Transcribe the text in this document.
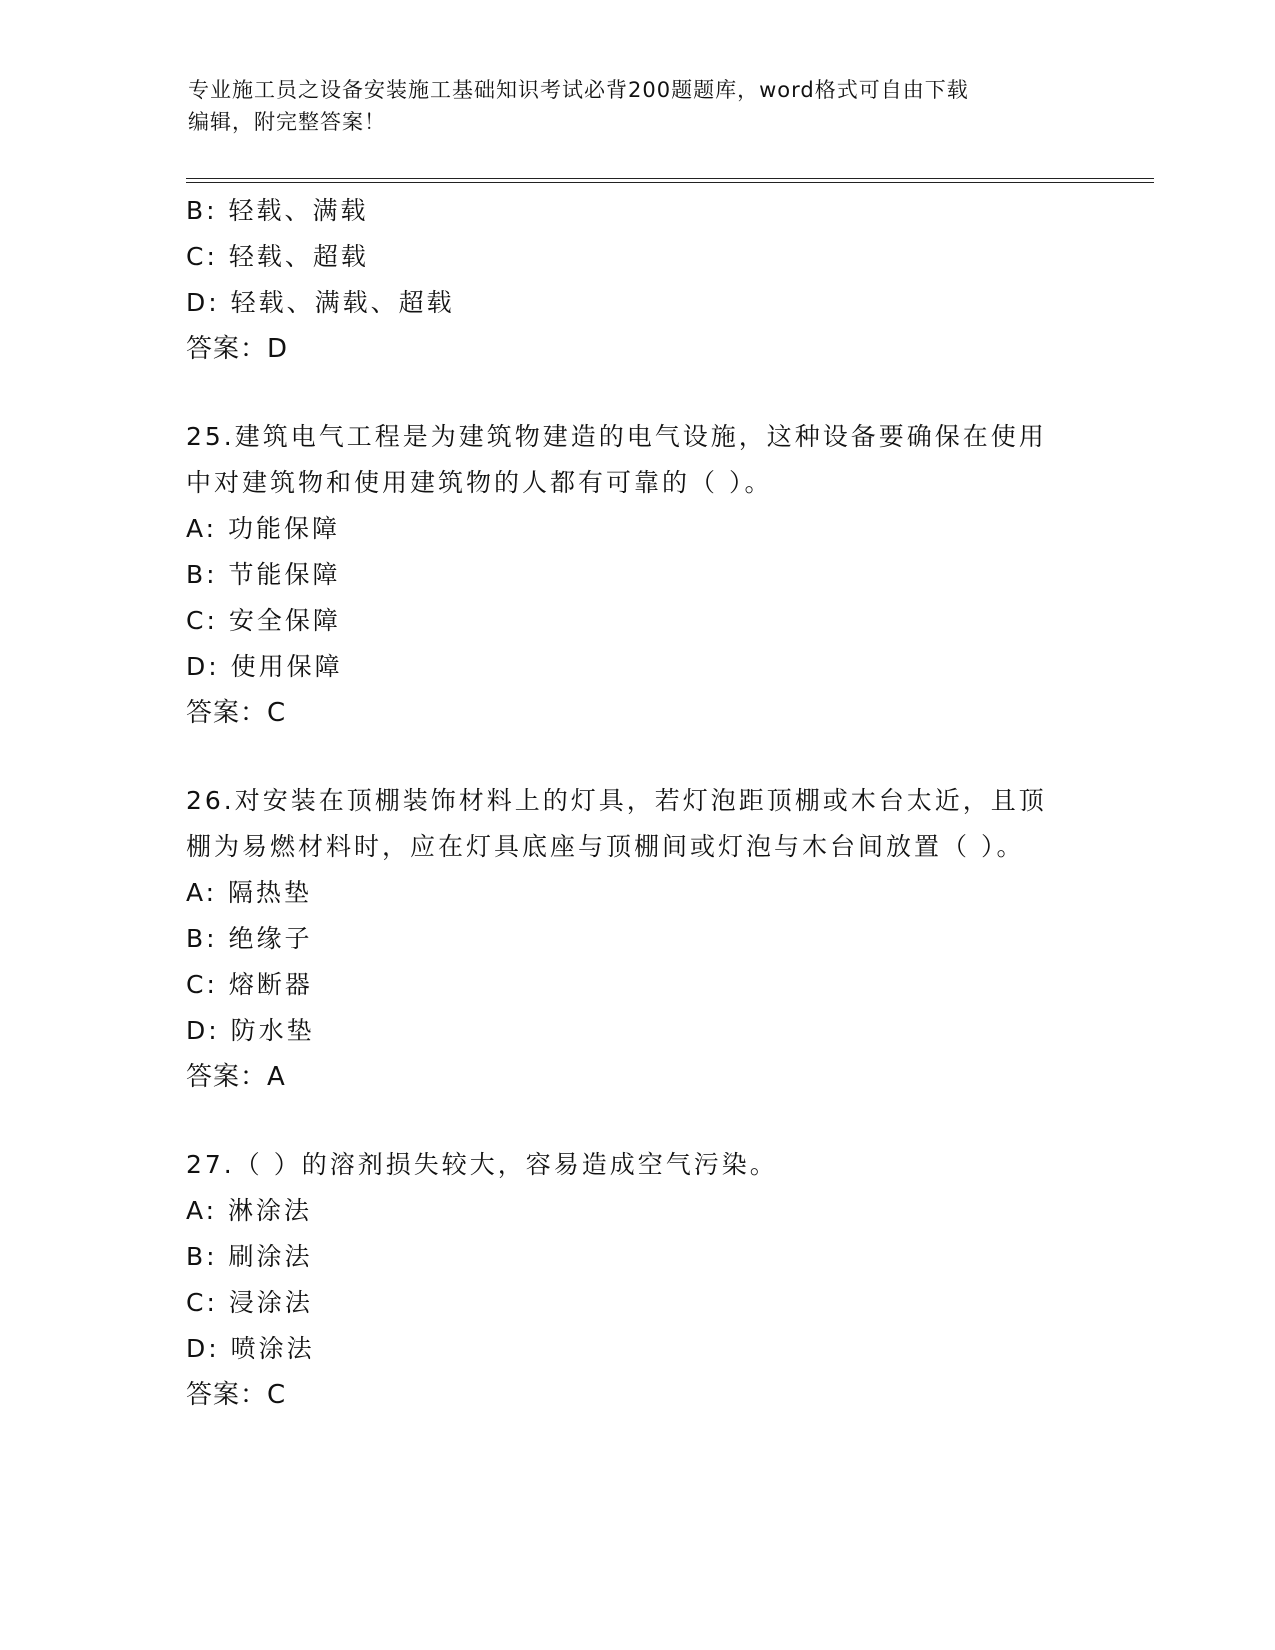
专业施工员之设备安装施工基础知识考试必背200题题库，word格式可自由下载
编辑，附完整答案！
B: 轻载、满载
C: 轻载、超载
D: 轻载、满载、超载
答案：D
25.建筑电气工程是为建筑物建造的电气设施，这种设备要确保在使用
中对建筑物和使用建筑物的人都有可靠的（ ）。
A: 功能保障
B: 节能保障
C: 安全保障
D: 使用保障
答案：C
26.对安装在顶棚装饰材料上的灯具，若灯泡距顶棚或木台太近，且顶
棚为易燃材料时，应在灯具底座与顶棚间或灯泡与木台间放置（ ）。
A: 隔热垫
B: 绝缘子
C: 熔断器
D: 防水垫
答案：A
27.（ ）的溶剂损失较大，容易造成空气污染。
A: 淋涂法
B: 刷涂法
C: 浸涂法
D: 喷涂法
答案：C
